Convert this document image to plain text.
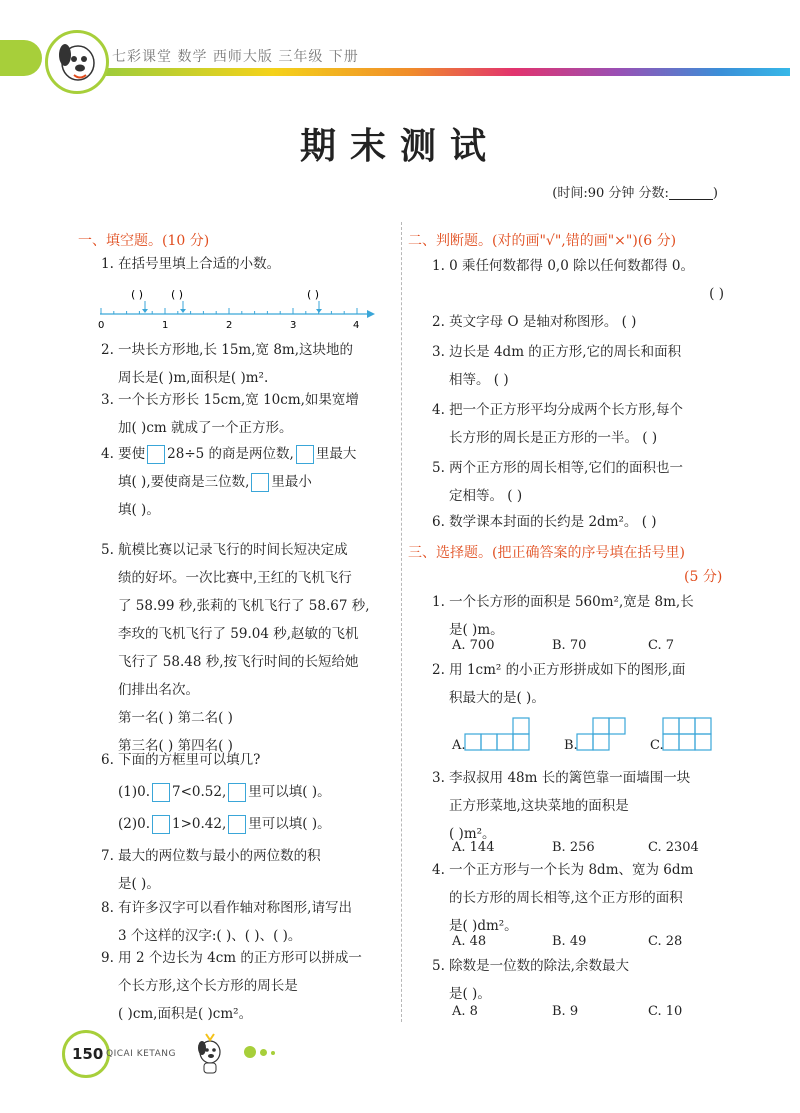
七彩课堂 数学 西师大版 三年级 下册
期末测试
(时间:90 分钟 分数:	)
一、填空题。(10 分)
1. 在括号里填上合适的小数。
( )	( )	( )
0	1	2	3	4
2. 一块长方形地,长 15m,宽 8m,这块地的
周长是( )m,面积是( )m².
3. 一个长方形长 15cm,宽 10cm,如果宽增
加( )cm 就成了一个正方形。
4. 要使 28÷5 的商是两位数, 里最大
填( ),要使商是三位数, 里最小
填( )。
5. 航模比赛以记录飞行的时间长短决定成
绩的好坏。一次比赛中,王红的飞机飞行
了 58.99 秒,张莉的飞机飞行了 58.67 秒,
李玫的飞机飞行了 59.04 秒,赵敏的飞机
飞行了 58.48 秒,按飞行时间的长短给她
们排出名次。
第一名( ) 第二名( )
第三名( ) 第四名( )
6. 下面的方框里可以填几?
(1)0. 7<0.52, 里可以填( )。
(2)0. 1>0.42, 里可以填( )。
7. 最大的两位数与最小的两位数的积
是( )。
8. 有许多汉字可以看作轴对称图形,请写出
3 个这样的汉字:( )、( )、( )。
9. 用 2 个边长为 4cm 的正方形可以拼成一
个长方形,这个长方形的周长是
( )cm,面积是( )cm²。
二、判断题。(对的画"√",错的画"×")(6 分)
1. 0 乘任何数都得 0,0 除以任何数都得 0。
( )
2. 英文字母 O 是轴对称图形。 ( )
3. 边长是 4dm 的正方形,它的周长和面积
相等。 ( )
4. 把一个正方形平均分成两个长方形,每个
长方形的周长是正方形的一半。 ( )
5. 两个正方形的周长相等,它们的面积也一
定相等。 ( )
6. 数学课本封面的长约是 2dm²。 ( )
三、选择题。(把正确答案的序号填在括号里)
(5 分)
1. 一个长方形的面积是 560m²,宽是 8m,长
是( )m。
A. 700	B. 70	C. 7
2. 用 1cm² 的小正方形拼成如下的图形,面
积最大的是( )。
A.	B.	C.
3. 李叔叔用 48m 长的篱笆靠一面墙围一块
正方形菜地,这块菜地的面积是
( )m²。
A. 144	B. 256	C. 2304
4. 一个正方形与一个长为 8dm、宽为 6dm
的长方形的周长相等,这个正方形的面积
是( )dm²。
A. 48	B. 49	C. 28
5. 除数是一位数的除法,余数最大
是( )。
A. 8	B. 9	C. 10
150 QICAI KETANG
